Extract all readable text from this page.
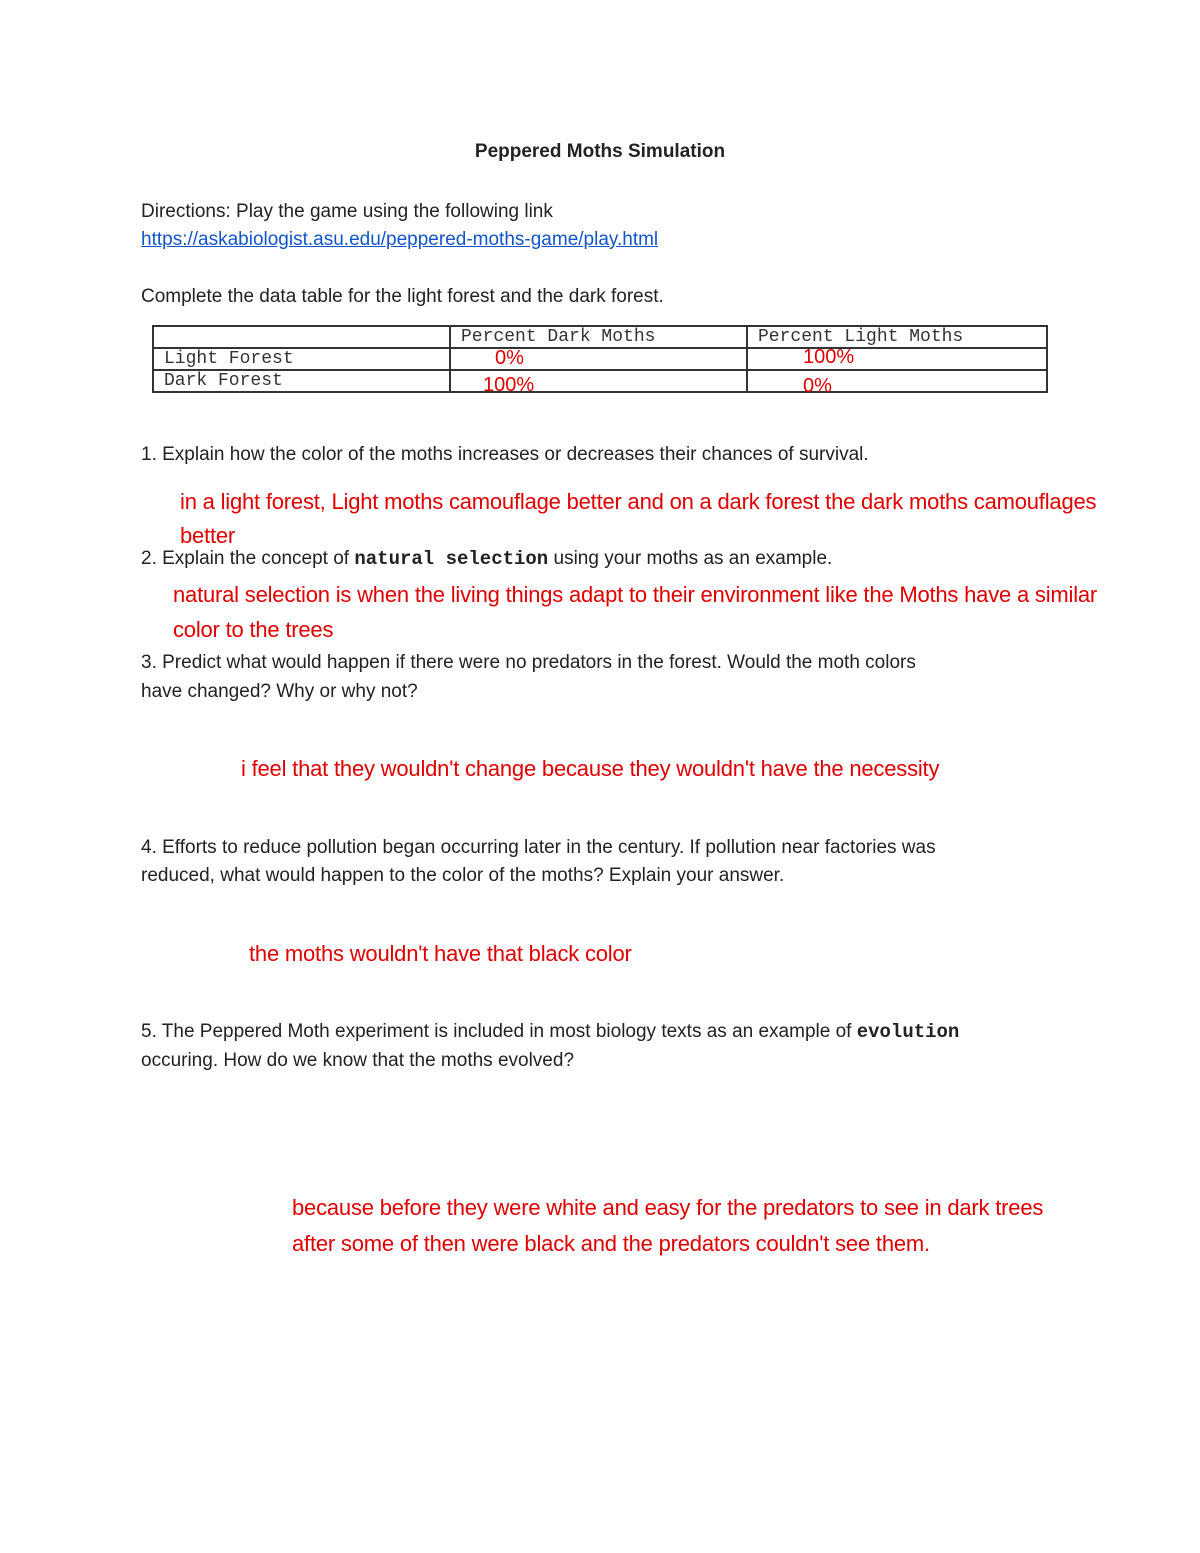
Peppered Moths Simulation
Directions: Play the game using the following link
https://askabiologist.asu.edu/peppered-moths-game/play.html
Complete the data table for the light forest and the dark forest.
	Percent Dark Moths	Percent Light Moths
Light Forest	0%	100%

Dark Forest	100%	0%
1. Explain how the color of the moths increases or decreases their chances of survival.
in a light forest, Light moths camouflage better and on a dark forest the dark moths camouflages
better
2. Explain the concept of natural selection using your moths as an example.
natural selection is when the living things adapt to their environment like the Moths have a similar
color to the trees
3. Predict what would happen if there were no predators in the forest. Would the moth colors
have changed? Why or why not?
i feel that they wouldn't change because they wouldn't have the necessity
4. Efforts to reduce pollution began occurring later in the century. If pollution near factories was
reduced, what would happen to the color of the moths? Explain your answer.
the moths wouldn't have that black color
5. The Peppered Moth experiment is included in most biology texts as an example of evolution
occuring. How do we know that the moths evolved?
because before they were white and easy for the predators to see in dark trees
after some of then were black and the predators couldn't see them.
